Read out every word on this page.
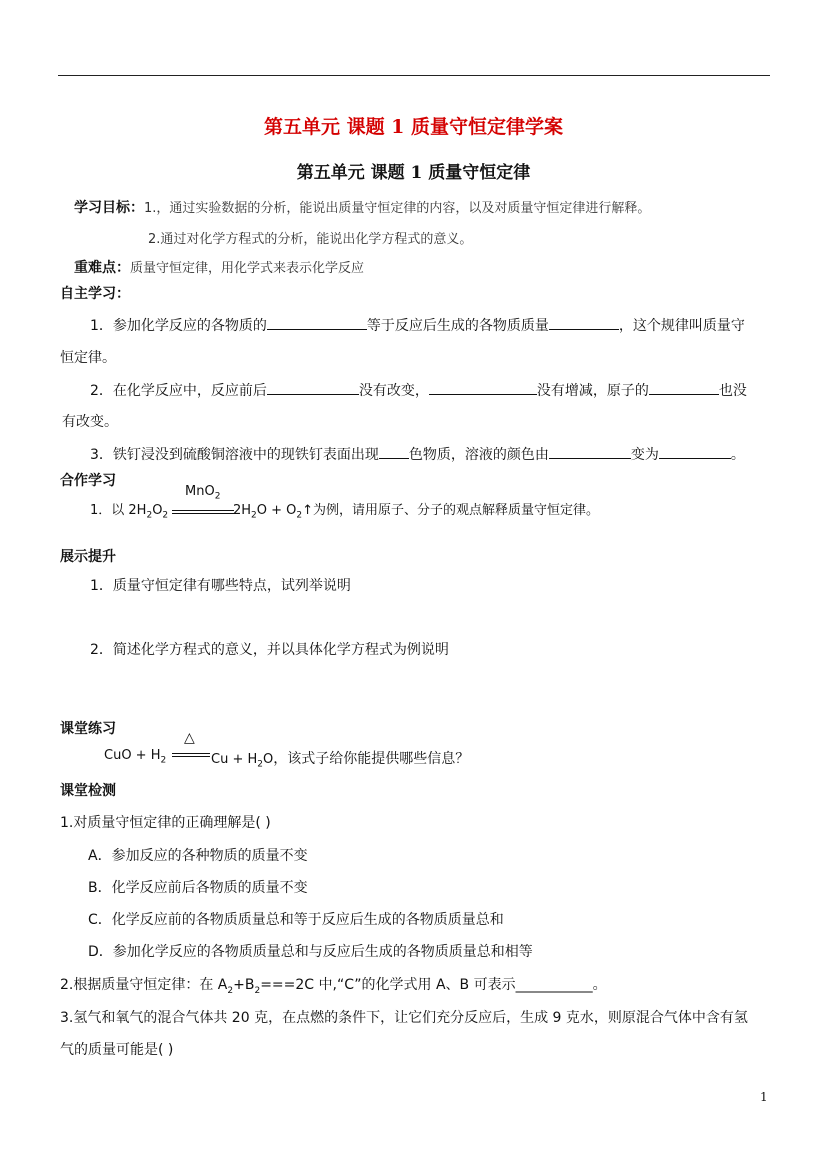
第五单元 课题 1 质量守恒定律学案
第五单元 课题 1 质量守恒定律
学习目标：1.，通过实验数据的分析，能说出质量守恒定律的内容，以及对质量守恒定律进行解释。
2.通过对化学方程式的分析，能说出化学方程式的意义。
重难点：质量守恒定律，用化学式来表示化学反应
自主学习：
1．参加化学反应的各物质的	等于反应后生成的各物质质量	，这个规律叫质量守
恒定律。
2．在化学反应中，反应前后	没有改变，	没有增减，原子的	也没
有改变。
3．铁钉浸没到硫酸铜溶液中的现铁钉表面出现 色物质，溶液的颜色由	变为	。
合作学习
1．以 $2H_2O_2$
MnO$_2$
$2H_2O$ + $O_2↑$为例，请用原子、分子的观点解释质量守恒定律。
展示提升
1．质量守恒定律有哪些特点，试列举说明
2．简述化学方程式的意义，并以具体化学方程式为例说明
课堂练习
CuO + $H_2$
△
$Cu + H_2O$，该式子给你能提供哪些信息？
课堂检测
1.对质量守恒定律的正确理解是( )
A．参加反应的各种物质的质量不变
B．化学反应前后各物质的质量不变
C．化学反应前的各物质质量总和等于反应后生成的各物质质量总和
D．参加化学反应的各物质质量总和与反应后生成的各物质质量总和相等
2.根据质量守恒定律：在 $A_2+B_2===2C$ 中,“C”的化学式用 A、B 可表示___________。
3.氢气和氧气的混合气体共 20 克，在点燃的条件下，让它们充分反应后，生成 9 克水，则原混合气体中含有氢
气的质量可能是( )
1
